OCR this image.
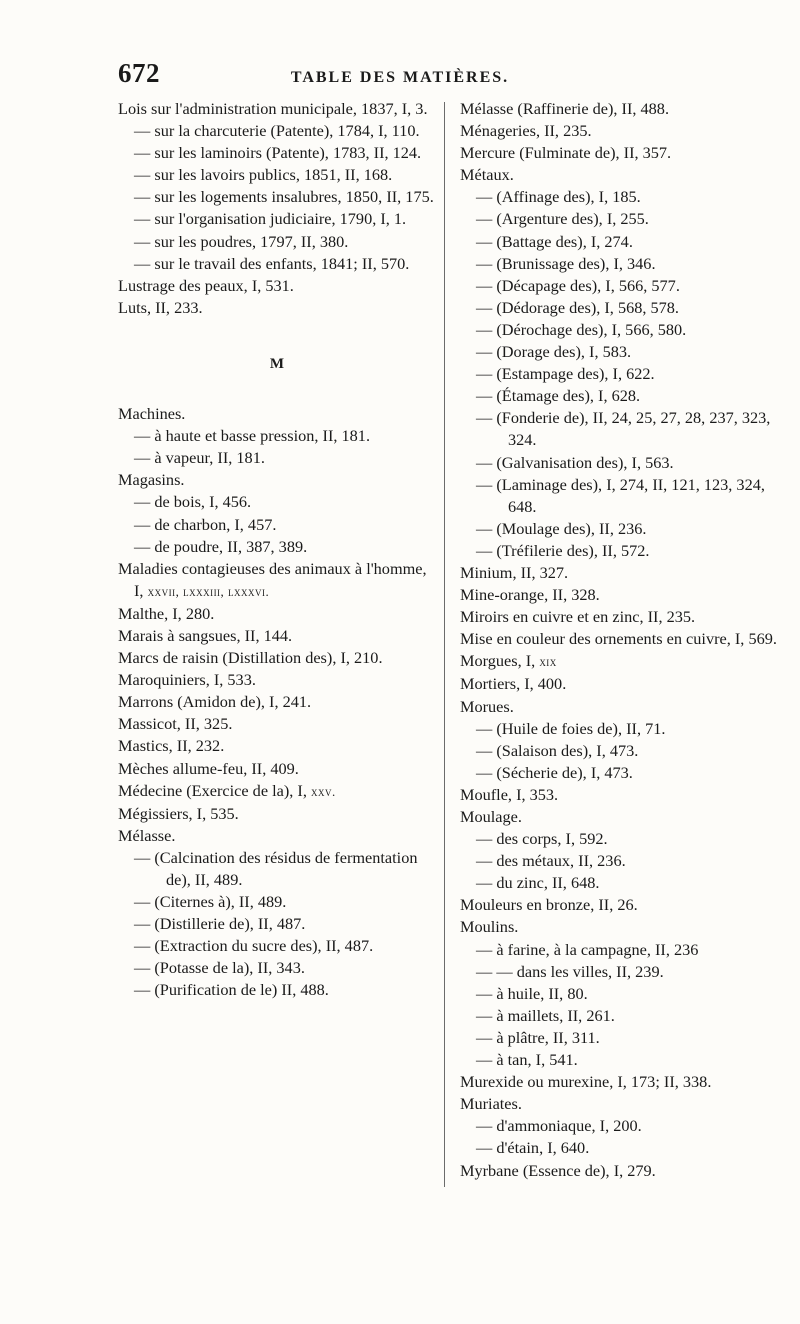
672	TABLE DES MATIÈRES.
Lois sur l'administration municipale, 1837, I, 3.
— sur la charcuterie (Patente), 1784, I, 110.
— sur les laminoirs (Patente), 1783, II, 124.
— sur les lavoirs publics, 1851, II, 168.
— sur les logements insalubres, 1850, II, 175.
— sur l'organisation judiciaire, 1790, I, 1.
— sur les poudres, 1797, II, 380.
— sur le travail des enfants, 1841; II, 570.
Lustrage des peaux, I, 531.
Luts, II, 233.
M
Machines.
— à haute et basse pression, II, 181.
— à vapeur, II, 181.
Magasins.
— de bois, I, 456.
— de charbon, I, 457.
— de poudre, II, 387, 389.
Maladies contagieuses des animaux à l'homme, I, xxvii, lxxxiii, lxxxvi.
Malthe, I, 280.
Marais à sangsues, II, 144.
Marcs de raisin (Distillation des), I, 210.
Maroquiniers, I, 533.
Marrons (Amidon de), I, 241.
Massicot, II, 325.
Mastics, II, 232.
Mèches allume-feu, II, 409.
Médecine (Exercice de la), I, xxv.
Mégissiers, I, 535.
Mélasse.
— (Calcination des résidus de fermentation de), II, 489.
— (Citernes à), II, 489.
— (Distillerie de), II, 487.
— (Extraction du sucre des), II, 487.
— (Potasse de la), II, 343.
— (Purification de le) II, 488.
Mélasse (Raffinerie de), II, 488.
Ménageries, II, 235.
Mercure (Fulminate de), II, 357.
Métaux.
— (Affinage des), I, 185.
— (Argenture des), I, 255.
— (Battage des), I, 274.
— (Brunissage des), I, 346.
— (Décapage des), I, 566, 577.
— (Dédorage des), I, 568, 578.
— (Dérochage des), I, 566, 580.
— (Dorage des), I, 583.
— (Estampage des), I, 622.
— (Étamage des), I, 628.
— (Fonderie de), II, 24, 25, 27, 28, 237, 323, 324.
— (Galvanisation des), I, 563.
— (Laminage des), I, 274, II, 121, 123, 324, 648.
— (Moulage des), II, 236.
— (Tréfilerie des), II, 572.
Minium, II, 327.
Mine-orange, II, 328.
Miroirs en cuivre et en zinc, II, 235.
Mise en couleur des ornements en cuivre, I, 569.
Morgues, I, xix
Mortiers, I, 400.
Morues.
— (Huile de foies de), II, 71.
— (Salaison des), I, 473.
— (Sécherie de), I, 473.
Moufle, I, 353.
Moulage.
— des corps, I, 592.
— des métaux, II, 236.
— du zinc, II, 648.
Mouleurs en bronze, II, 26.
Moulins.
— à farine, à la campagne, II, 236
— — dans les villes, II, 239.
— à huile, II, 80.
— à maillets, II, 261.
— à plâtre, II, 311.
— à tan, I, 541.
Murexide ou murexine, I, 173; II, 338.
Muriates.
— d'ammoniaque, I, 200.
— d'étain, I, 640.
Myrbane (Essence de), I, 279.
